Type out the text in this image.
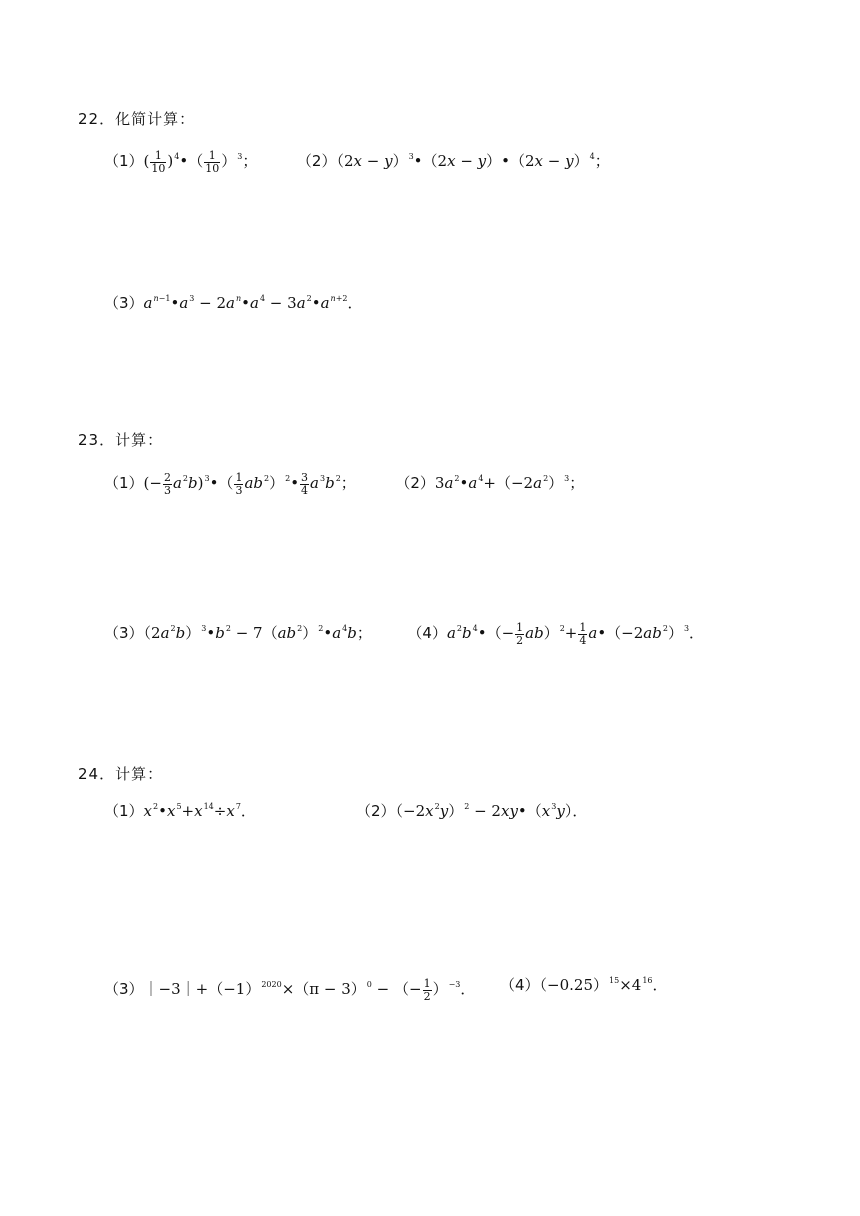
22．化简计算：
$(1)( \frac{1}{10}$ )$^4•( \frac{1}{10} )^3$；	$(2)(2x - y)^3•(2x$ − y）•（2x − y）$^4$；
$(3)a^{n-1}•a^3$ − $2a^n•a^4$ − $3a^2•a^{n+2}$．
23．计算：
$(1)(- \frac{2}{3}$ $a^2b)^3•( \frac{1}{3}$ $ab^2)^2• \frac{3}{4} a^3b^2$；	$(2)3a^2•a^4+(-2a^2)^3$；
$(3)(2a^2b)^3•b^2$ − $7(ab^2)^2•a^4b$； $(4)a^2b^4•(- \frac{1}{2} ab)^2+ \frac{1}{4}$ $a•(-2ab^2)^3$．
24．计算：
$(1)x^2•x^5+x^{14}\div x^7$．	$(2)(-2x^2y)^2$ − $2xy•(x^3y)$．
$(3)|-3|+(-1)^{2020}\times(\pi - 3)^0$ − （− $\frac{1}{2} )^{-3}$． $(4)(-0.25)^{15}\times 4^{16}$．
